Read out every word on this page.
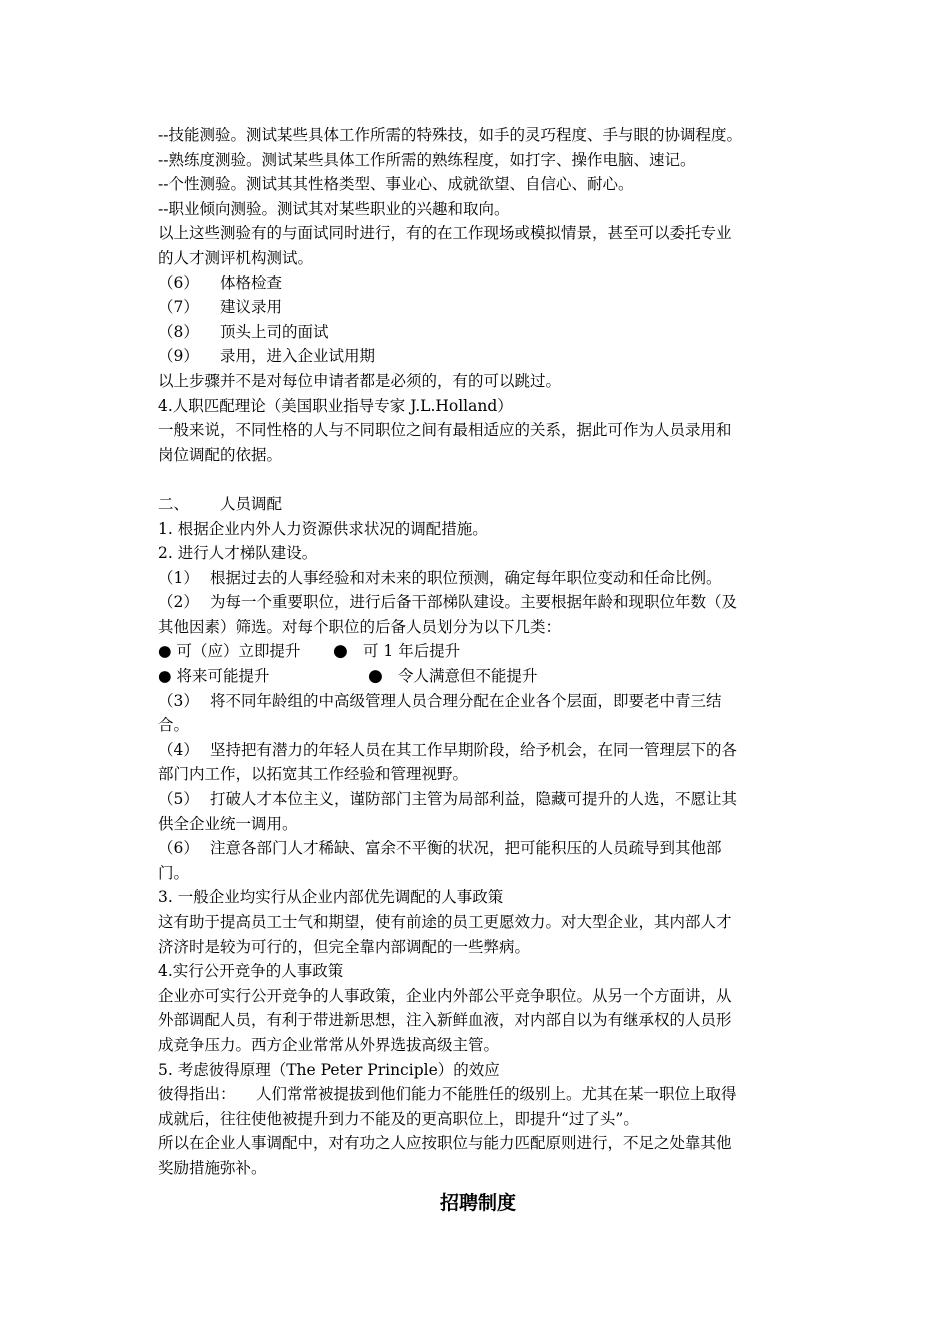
--技能测验。测试某些具体工作所需的特殊技，如手的灵巧程度、手与眼的协调程度。
--熟练度测验。测试某些具体工作所需的熟练程度，如打字、操作电脑、速记。
--个性测验。测试其其性格类型、事业心、成就欲望、自信心、耐心。
--职业倾向测验。测试其对某些职业的兴趣和取向。
以上这些测验有的与面试同时进行，有的在工作现场或模拟情景，甚至可以委托专业
的人才测评机构测试。
（6）	体格检查
（7）	建议录用
（8）	顶头上司的面试
（9）	录用，进入企业试用期
以上步骤并不是对每位申请者都是必须的，有的可以跳过。
4.人职匹配理论（美国职业指导专家 J.L.Holland）
一般来说，不同性格的人与不同职位之间有最相适应的关系，据此可作为人员录用和
岗位调配的依据。
二、	人员调配
1. 根据企业内外人力资源供求状况的调配措施。
2. 进行人才梯队建设。
（1） 根据过去的人事经验和对未来的职位预测，确定每年职位变动和任命比例。
（2） 为每一个重要职位，进行后备干部梯队建设。主要根据年龄和现职位年数（及
其他因素）筛选。对每个职位的后备人员划分为以下几类：
● 可（应）立即提升	● 可 1 年后提升
● 将来可能提升	● 令人满意但不能提升
（3） 将不同年龄组的中高级管理人员合理分配在企业各个层面，即要老中青三结
合。
（4） 坚持把有潜力的年轻人员在其工作早期阶段，给予机会，在同一管理层下的各
部门内工作，以拓宽其工作经验和管理视野。
（5） 打破人才本位主义，谨防部门主管为局部利益，隐藏可提升的人选，不愿让其
供全企业统一调用。
（6） 注意各部门人才稀缺、富余不平衡的状况，把可能积压的人员疏导到其他部
门。
3. 一般企业均实行从企业内部优先调配的人事政策
这有助于提高员工士气和期望，使有前途的员工更愿效力。对大型企业，其内部人才
济济时是较为可行的，但完全靠内部调配的一些弊病。
4.实行公开竞争的人事政策
企业亦可实行公开竞争的人事政策，企业内外部公平竞争职位。从另一个方面讲，从
外部调配人员，有利于带进新思想，注入新鲜血液，对内部自以为有继承权的人员形
成竞争压力。西方企业常常从外界选拔高级主管。
5. 考虑彼得原理（The Peter Principle）的效应
彼得指出：	人们常常被提拔到他们能力不能胜任的级别上。尤其在某一职位上取得
成就后，往往使他被提升到力不能及的更高职位上，即提升“过了头”。
所以在企业人事调配中，对有功之人应按职位与能力匹配原则进行，不足之处靠其他
奖励措施弥补。
招聘制度
